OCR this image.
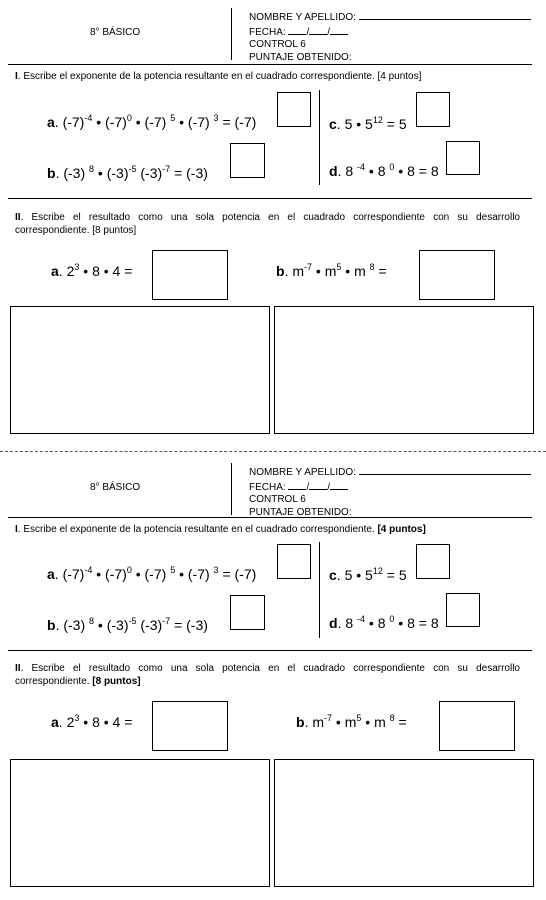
8° BÁSICO
NOMBRE Y APELLIDO:
FECHA: / /
CONTROL 6
PUNTAJE OBTENIDO:
I. Escribe el exponente de la potencia resultante en el cuadrado correspondiente. [4 puntos]
a. $(-7)^{-4}$ • $(-7)^0$ • (-7) $^5$ • (-7) $^3$ = (-7)	c. 5 • $5^{12} = 5$
b. (-3) $^8$ • $(-3)^{-5}$ $(-3)^{-7} = (-3)$	d. 8 $^{-4}$ • 8 $^0$ • 8 = 8
II. Escribe el resultado como una sola potencia en el cuadrado correspondiente con su desarrollo correspondiente. [8 puntos]
a. $2^3$ • 8 • 4 =	b. $m^{-7}$ • $m^5$ • m $^8$ =
8° BÁSICO
NOMBRE Y APELLIDO:
FECHA: / /
CONTROL 6
PUNTAJE OBTENIDO:
I. Escribe el exponente de la potencia resultante en el cuadrado correspondiente. [4 puntos]
a. $(-7)^{-4}$ • $(-7)^0$ • (-7) $^5$ • (-7) $^3$ = (-7)	c. 5 • $5^{12} = 5$
b. (-3) $^8$ • $(-3)^{-5}$ $(-3)^{-7} = (-3)$	d. 8 $^{-4}$ • 8 $^0$ • 8 = 8
II. Escribe el resultado como una sola potencia en el cuadrado correspondiente con su desarrollo correspondiente. [8 puntos]
a. $2^3$ • 8 • 4 =	b. $m^{-7}$ • $m^5$ • m $^8$ =
